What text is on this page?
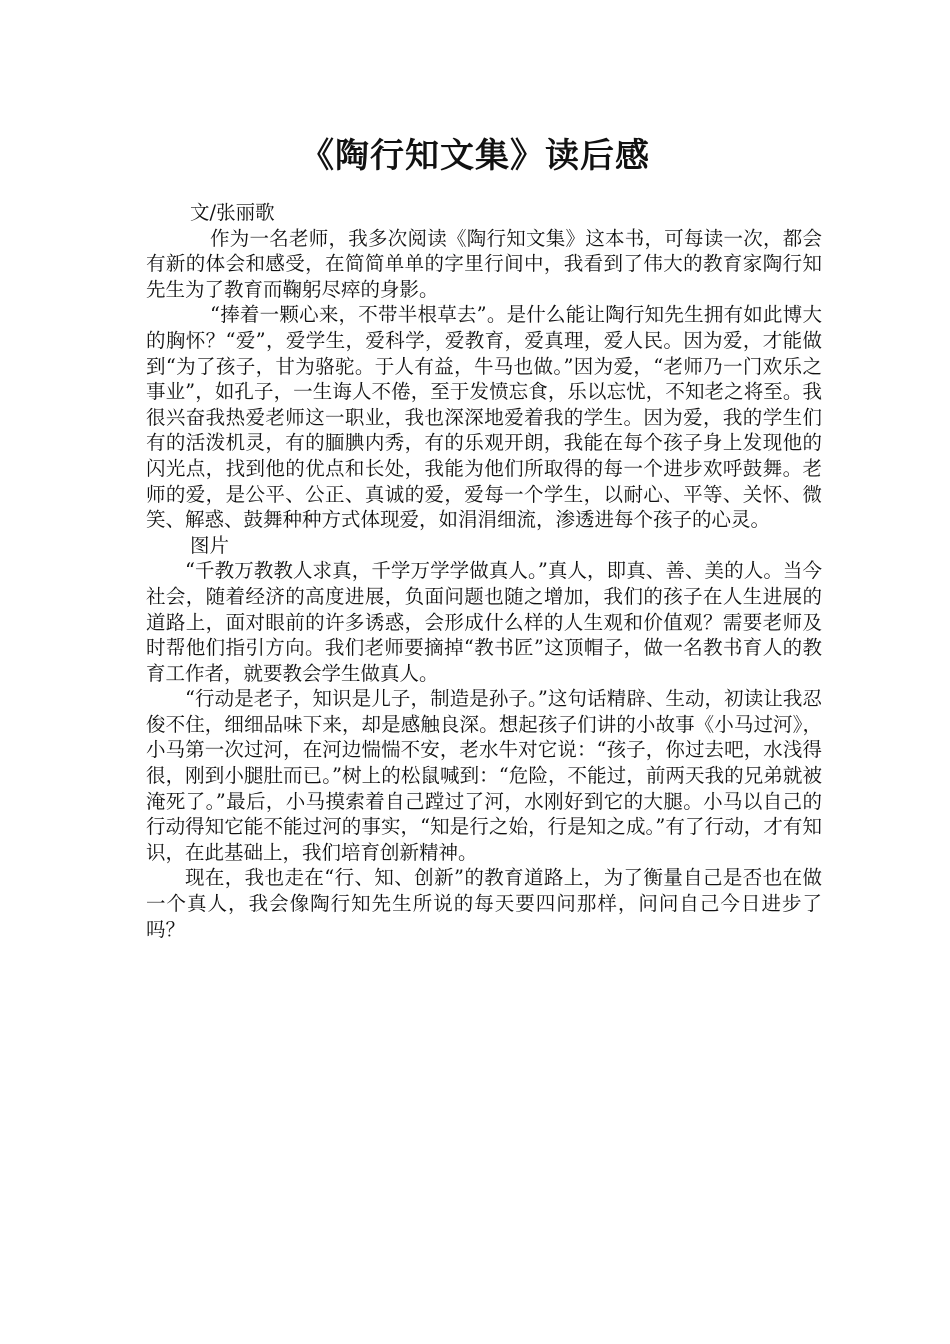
《陶行知文集》读后感

文/张丽歌

作为一名老师，我多次阅读《陶行知文集》这本书，可每读一次，都会有新的体会和感受，在简简单单的字里行间中，我看到了伟大的教育家陶行知先生为了教育而鞠躬尽瘁的身影。

“捧着一颗心来，不带半根草去”。是什么能让陶行知先生拥有如此博大的胸怀？“爱”，爱学生，爱科学，爱教育，爱真理，爱人民。因为爱，才能做到“为了孩子，甘为骆驼。于人有益，牛马也做。”因为爱，“老师乃一门欢乐之事业”，如孔子，一生诲人不倦，至于发愤忘食，乐以忘忧，不知老之将至。我很兴奋我热爱老师这一职业，我也深深地爱着我的学生。因为爱，我的学生们有的活泼机灵，有的腼腆内秀，有的乐观开朗，我能在每个孩子身上发现他的闪光点，找到他的优点和长处，我能为他们所取得的每一个进步欢呼鼓舞。老师的爱，是公平、公正、真诚的爱，爱每一个学生，以耐心、平等、关怀、微笑、解惑、鼓舞种种方式体现爱，如涓涓细流，渗透进每个孩子的心灵。

图片

“千教万教教人求真，千学万学学做真人。”真人，即真、善、美的人。当今社会，随着经济的高度进展，负面问题也随之增加，我们的孩子在人生进展的道路上，面对眼前的许多诱惑，会形成什么样的人生观和价值观？需要老师及时帮他们指引方向。我们老师要摘掉“教书匠”这顶帽子，做一名教书育人的教育工作者，就要教会学生做真人。

“行动是老子，知识是儿子，制造是孙子。”这句话精辟、生动，初读让我忍俊不住，细细品味下来，却是感触良深。想起孩子们讲的小故事《小马过河》，小马第一次过河，在河边惴惴不安，老水牛对它说：“孩子，你过去吧，水浅得很，刚到小腿肚而已。”树上的松鼠喊到：“危险，不能过，前两天我的兄弟就被淹死了。”最后，小马摸索着自己蹚过了河，水刚好到它的大腿。小马以自己的行动得知它能不能过河的事实，“知是行之始，行是知之成。”有了行动，才有知识，在此基础上，我们培育创新精神。

现在，我也走在“行、知、创新”的教育道路上，为了衡量自己是否也在做一个真人，我会像陶行知先生所说的每天要四问那样，问问自己今日进步了吗？
